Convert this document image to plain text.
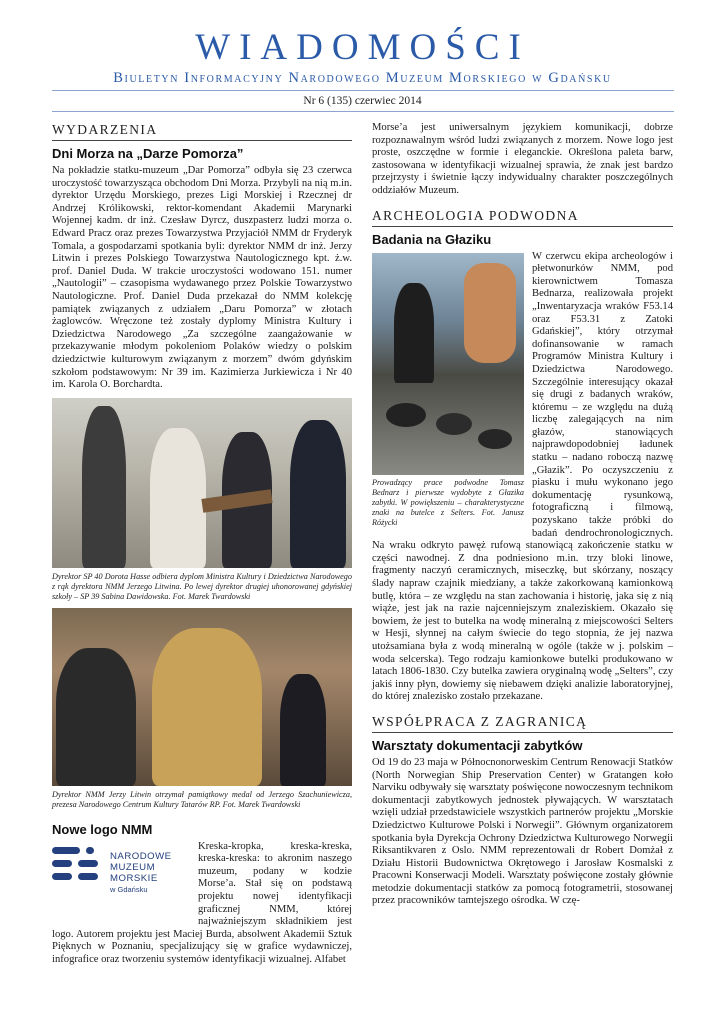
WIADOMOŚCI
Biuletyn Informacyjny Narodowego Muzeum Morskiego w Gdańsku
Nr 6 (135) czerwiec 2014
WYDARZENIA
Dni Morza na „Darze Pomorza”

Na pokładzie statku-muzeum „Dar Pomorza” odbyła się 23 czerwca uroczystość towarzysząca obchodom Dni Morza. Przybyli na nią m.in. dyrektor Urzędu Morskiego, prezes Ligi Morskiej i Rzecznej dr Andrzej Królikowski, rektor-komendant Akademii Marynarki Wojennej kadm. dr inż. Czesław Dyrcz, duszpasterz ludzi morza o. Edward Pracz oraz prezes Towarzystwa Przyjaciół NMM dr Fryderyk Tomala, a gospodarzami spotkania byli: dyrektor NMM dr inż. Jerzy Litwin i prezes Polskiego Towarzystwa Nautologicznego kpt. ż.w. prof. Daniel Duda. W trakcie uroczystości wodowano 151. numer „Nautologii” – czasopisma wydawanego przez Polskie Towarzystwo Nautologiczne. Prof. Daniel Duda przekazał do NMM kolekcję pamiątek związanych z udziałem „Daru Pomorza” w złotach żaglowców. Wręczone też zostały dyplomy Ministra Kultury i Dziedzictwa Narodowego „Za szczególne zaangażowanie w przekazywanie młodym pokoleniom Polaków wiedzy o polskim dziedzictwie kulturowym związanym z morzem” dwóm gdyńskim szkołom podstawowym: Nr 39 im. Kazimierza Jurkiewicza i Nr 40 im. Karola O. Borchardta.

Dyrektor SP 40 Dorota Hasse odbiera dyplom Ministra Kultury i Dziedzictwa Narodowego z rąk dyrektora NMM Jerzego Litwina. Po lewej dyrektor drugiej uhonorowanej gdyńskiej szkoły – SP 39 Sabina Dawidowska. Fot. Marek Twardowski
Dyrektor NMM Jerzy Litwin otrzymał pamiątkowy medal od Jerzego Szachuniewicza, prezesa Narodowego Centrum Kultury Tatarów RP. Fot. Marek Twardowski
Nowe logo NMM
NARODOWE
MUZEUM
MORSKIE
w Gdańsku

Kreska-kropka, kreska-kreska, kreska-kreska: to akronim naszego muzeum, podany w kodzie Morse’a. Stał się on podstawą projektu nowej identyfikacji graficznej NMM, której najważniejszym składnikiem jest logo. Autorem projektu jest Maciej Burda, absolwent Akademii Sztuk Pięknych w Poznaniu, specjalizujący się w grafice wydawniczej, infografice oraz tworzeniu systemów identyfikacji wizualnej. Alfabet

Morse’a jest uniwersalnym językiem komunikacji, dobrze rozpoznawalnym wśród ludzi związanych z morzem. Nowe logo jest proste, oszczędne w formie i eleganckie. Określona paleta barw, zastosowana w identyfikacji wizualnej sprawia, że znak jest bardzo przejrzysty i świetnie łączy indywidualny charakter poszczególnych oddziałów Muzeum.

ARCHEOLOGIA PODWODNA
Badania na Głaziku
Prowadzący prace podwodne Tomasz Bednarz i pierwsze wydobyte z Głazika zabytki. W powiększeniu – charakterystyczne znaki na butelce z Selters. Fot. Janusz Różycki

W czerwcu ekipa archeologów i płetwonurków NMM, pod kierownictwem Tomasza Bednarza, realizowała projekt „Inwentaryzacja wraków F53.14 oraz F53.31 z Zatoki Gdańskiej”, który otrzymał dofinansowanie w ramach Programów Ministra Kultury i Dziedzictwa Narodowego. Szczególnie interesujący okazał się drugi z badanych wraków, któremu – ze względu na dużą liczbę zalegających na nim głazów, stanowiących najprawdopodobniej ładunek statku – nadano roboczą nazwę „Głazik”. Po oczyszczeniu z piasku i mułu wykonano jego dokumentację rysunkową, fotograficzną i filmową, pozyskano także próbki do badań dendrochronologicznych. Na wraku odkryto pawęż rufową stanowiącą zakończenie statku w części nawodnej. Z dna podniesiono m.in. trzy bloki linowe, fragmenty naczyń ceramicznych, miseczkę, but skórzany, noszący ślady napraw czajnik miedziany, a także zakorkowaną kamionkową butlę, która – ze względu na stan zachowania i historię, jaka się z nią wiąże, jest jak na razie najcenniejszym znaleziskiem. Okazało się bowiem, że jest to butelka na wodę mineralną z miejscowości Selters w Hesji, słynnej na całym świecie do tego stopnia, że jej nazwa utożsamiana była z wodą mineralną w ogóle (także w j. polskim – woda selcerska). Tego rodzaju kamionkowe butelki produkowano w latach 1806-1830. Czy butelka zawiera oryginalną wodę „Selters”, czy jakiś inny płyn, dowiemy się niebawem dzięki analizie laboratoryjnej, do której znalezisko zostało przekazane.

WSPÓŁPRACA Z ZAGRANICĄ
Warsztaty dokumentacji zabytków

Od 19 do 23 maja w Północnonorweskim Centrum Renowacji Statków (North Norwegian Ship Preservation Center) w Gratangen koło Narviku odbywały się warsztaty poświęcone nowoczesnym technikom dokumentacji zabytkowych jednostek pływających. W warsztatach wzięli udział przedstawiciele wszystkich partnerów projektu „Morskie Dziedzictwo Kulturowe Polski i Norwegii”. Głównym organizatorem spotkania była Dyrekcja Ochrony Dziedzictwa Kulturowego Norwegii Riksantikvaren z Oslo. NMM reprezentowali dr Robert Domżał z Działu Historii Budownictwa Okrętowego i Jarosław Kosmalski z Pracowni Konserwacji Modeli. Warsztaty poświęcone zostały głównie metodzie dokumentacji statków za pomocą fotogrametrii, stosowanej przez pracowników tamtejszego ośrodka. W czę-
